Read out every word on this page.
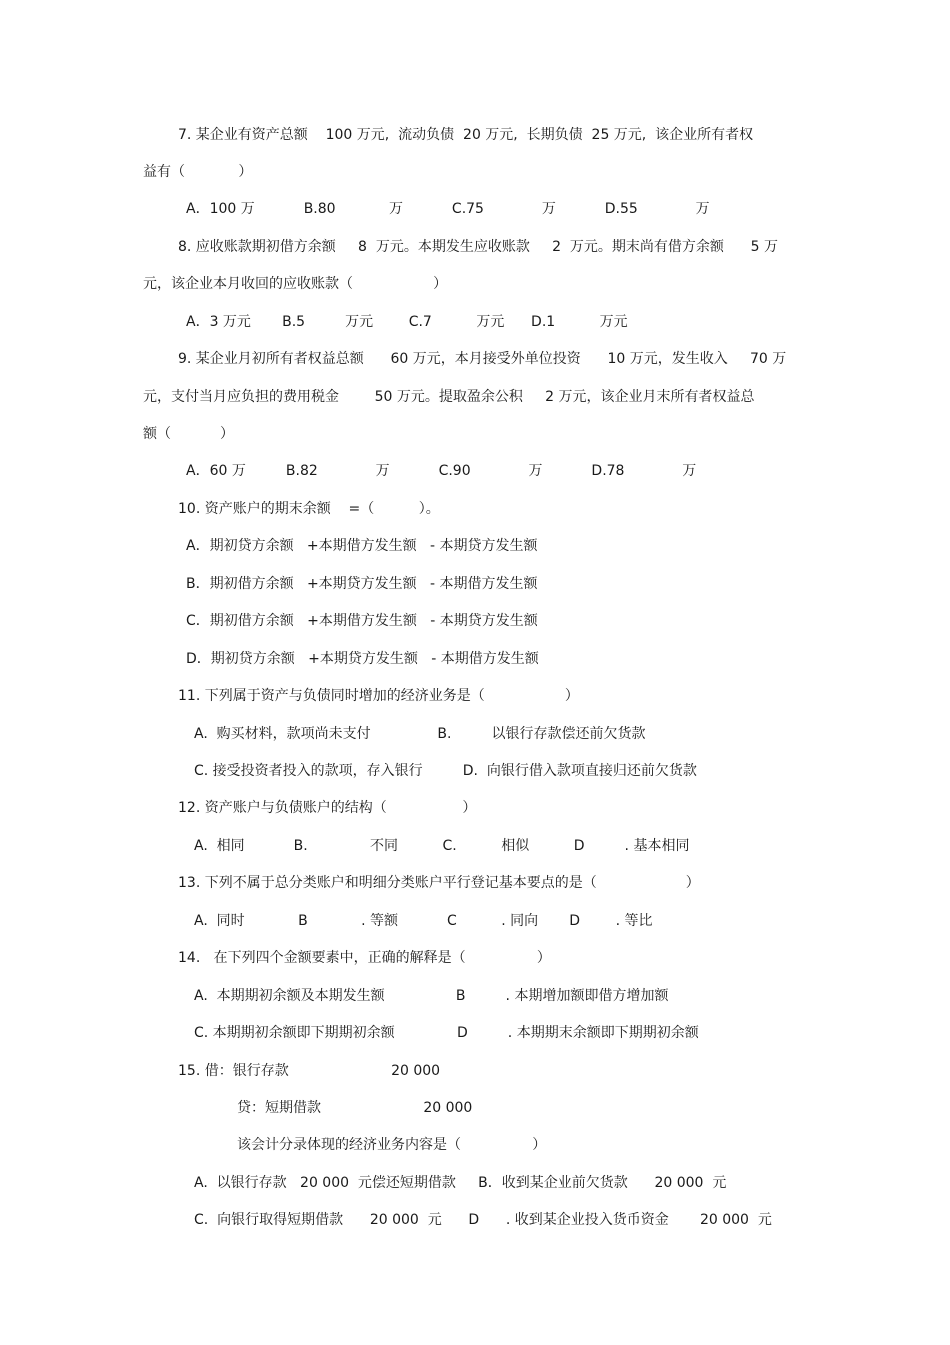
7. 某企业有资产总额    100 万元,  流动负债  20 万元,  长期负债  25 万元,  该企业所有者权
益有（            ）
A．100 万           B.80            万           C.75             万           D.55             万
8. 应收账款期初借方余额     8  万元。本期发生应收账款     2  万元。期末尚有借方余额      5 万
元，该企业本月收回的应收账款（                  ）
A．3 万元       B.5         万元        C.7          万元      D.1          万元
9. 某企业月初所有者权益总额      60 万元，本月接受外单位投资      10 万元，发生收入     70 万
元，支付当月应负担的费用税金        50 万元。提取盈余公积     2 万元，该企业月末所有者权益总
额（           ）
A．60 万         B.82             万           C.90             万           D.78             万
10. 资产账户的期末余额    =（          ）。
A．期初贷方余额   +本期借方发生额   - 本期贷方发生额
B．期初借方余额   +本期贷方发生额   - 本期借方发生额
C．期初借方余额   +本期借方发生额   - 本期贷方发生额
D．期初贷方余额   +本期贷方发生额   - 本期借方发生额
11. 下列属于资产与负债同时增加的经济业务是（                  ）
A.  购买材料，款项尚未支付               B.         以银行存款偿还前欠货款
C. 接受投资者投入的款项，存入银行         D.  向银行借入款项直接归还前欠货款
12. 资产账户与负债账户的结构（                 ）
A.  相同           B.              不同          C.          相似          D         . 基本相同
13. 下列不属于总分类账户和明细分类账户平行登记基本要点的是（                    ）
A.  同时            B            . 等额           C          . 同向       D        . 等比
14.   在下列四个金额要素中，正确的解释是（                ）
A.  本期期初余额及本期发生额                B         . 本期增加额即借方增加额
C. 本期期初余额即下期期初余额              D         . 本期期末余额即下期期初余额
15. 借：银行存款                       20 000
贷：短期借款                       20 000
该会计分录体现的经济业务内容是（                ）
A.  以银行存款   20 000  元偿还短期借款     B．收到某企业前欠货款      20 000  元
C.  向银行取得短期借款      20 000  元      D      . 收到某企业投入货币资金       20 000  元
